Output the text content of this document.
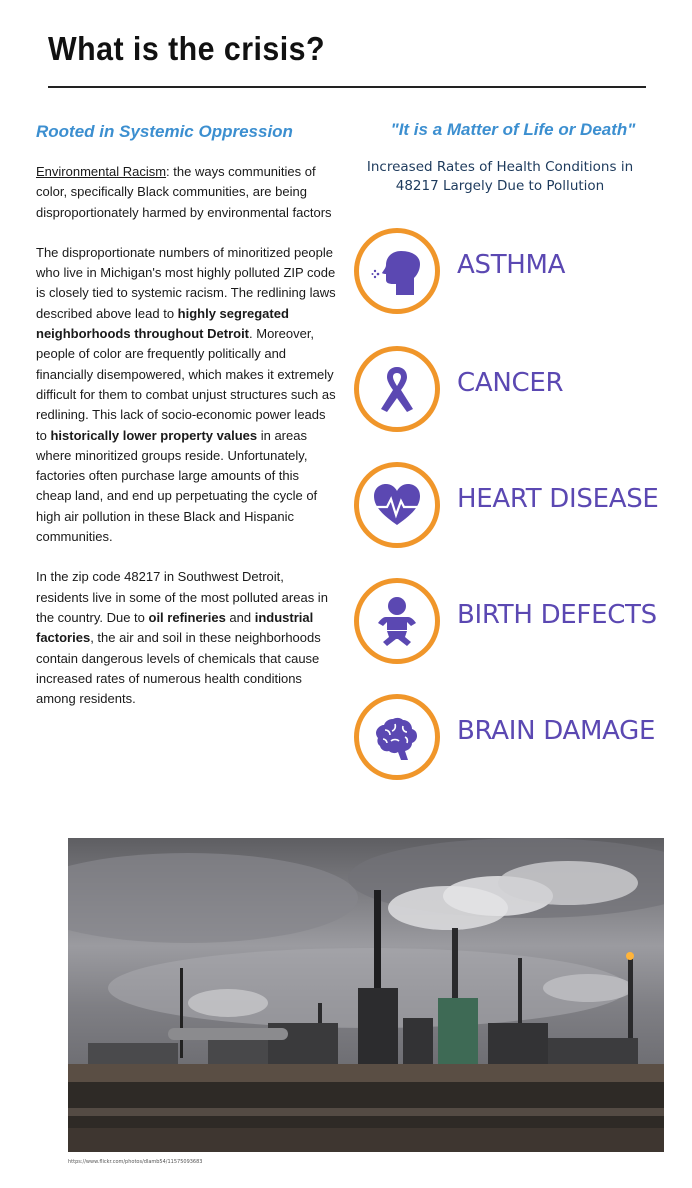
What is the crisis?
Rooted in Systemic Oppression

Environmental Racism: the ways communities of color, specifically Black communities, are being disproportionately harmed by environmental factors

The disproportionate numbers of minoritized people who live in Michigan's most highly polluted ZIP code is closely tied to systemic racism. The redlining laws described above lead to highly segregated neighborhoods throughout Detroit. Moreover, people of color are frequently politically and financially disempowered, which makes it extremely difficult for them to combat unjust structures such as redlining. This lack of socio-economic power leads to historically lower property values in areas where minoritized groups reside. Unfortunately, factories often purchase large amounts of this cheap land, and end up perpetuating the cycle of high air pollution in these Black and Hispanic communities.

In the zip code 48217 in Southwest Detroit, residents live in some of the most polluted areas in the country. Due to oil refineries and industrial factories, the air and soil in these neighborhoods contain dangerous levels of chemicals that cause increased rates of numerous health conditions among residents.

"It is a Matter of Life or Death"
Increased Rates of Health Conditions in 48217 Largely Due to Pollution
ASTHMA
CANCER
HEART DISEASE
BIRTH DEFECTS
BRAIN DAMAGE
https://www.flickr.com/photos/dlamb54/11575093683
